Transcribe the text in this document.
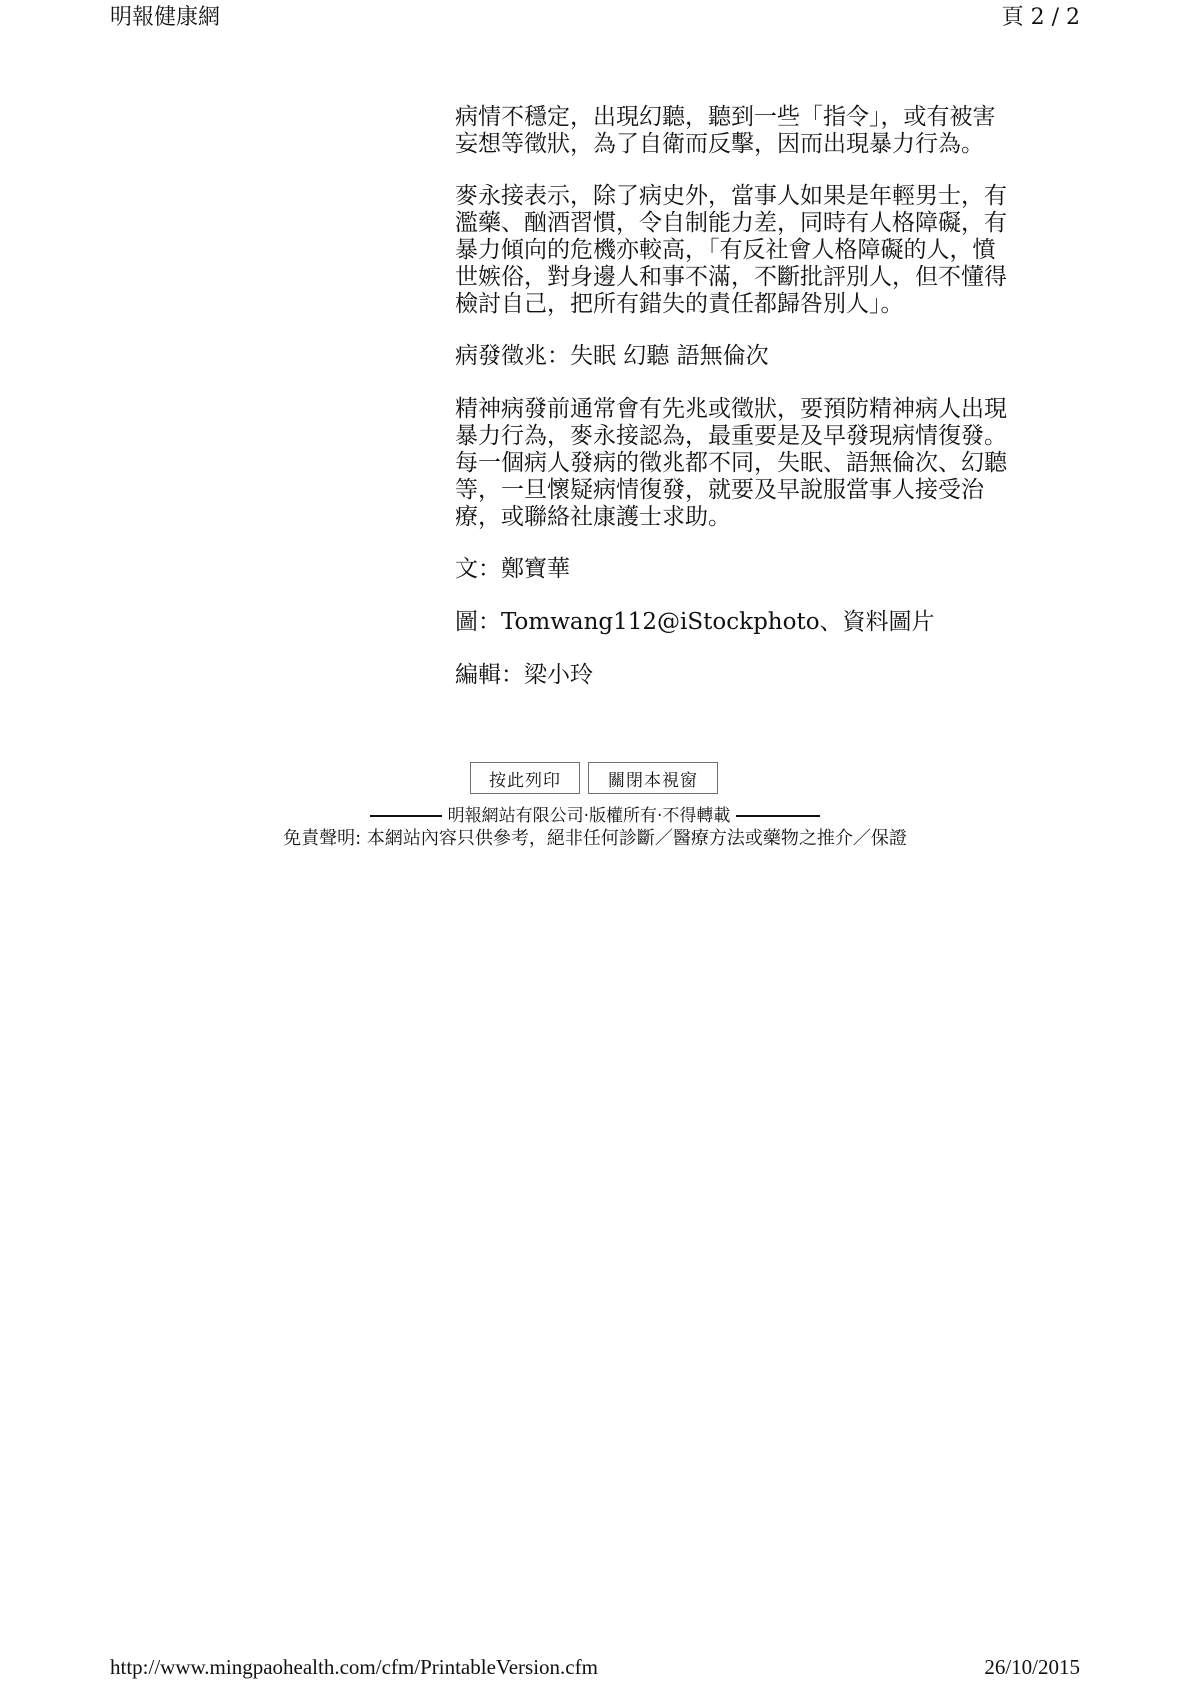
明報健康網	頁 2 / 2

病情不穩定，出現幻聽，聽到一些「指令」，或有被害妄想等徵狀，為了自衛而反擊，因而出現暴力行為。

麥永接表示，除了病史外，當事人如果是年輕男士，有濫藥、酗酒習慣，令自制能力差，同時有人格障礙，有暴力傾向的危機亦較高，「有反社會人格障礙的人，憤世嫉俗，對身邊人和事不滿，不斷批評別人，但不懂得檢討自己，把所有錯失的責任都歸咎別人」。

病發徵兆：失眠 幻聽 語無倫次

精神病發前通常會有先兆或徵狀，要預防精神病人出現暴力行為，麥永接認為，最重要是及早發現病情復發。每一個病人發病的徵兆都不同，失眠、語無倫次、幻聽等，一旦懷疑病情復發，就要及早說服當事人接受治療，或聯絡社康護士求助。

文：鄭寶華

圖：Tomwang112@iStockphoto、資料圖片

編輯：梁小玲

按此列印	關閉本視窗
明報網站有限公司‧版權所有‧不得轉載
免責聲明: 本網站內容只供參考，絕非任何診斷／醫療方法或藥物之推介／保證
http://www.mingpaohealth.com/cfm/PrintableVersion.cfm	26/10/2015
